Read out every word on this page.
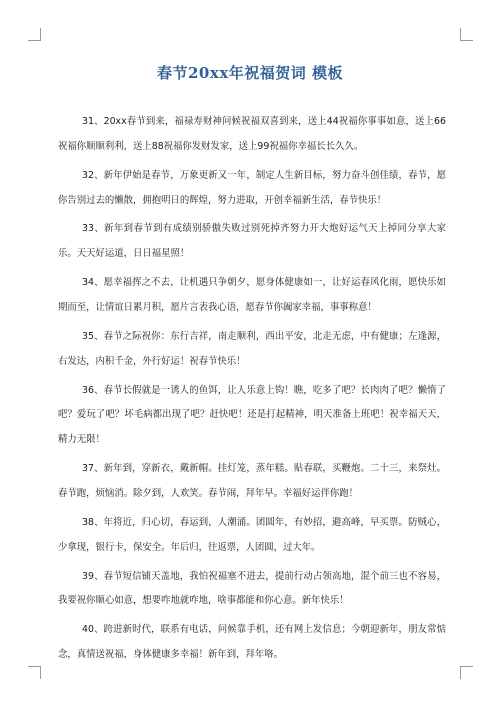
春节20xx年祝福贺词 模板

31、20xx春节到来，福禄寿财神问候祝福双喜到来，送上44祝福你事事如意，送上66祝福你顺顺利利，送上88祝福你发财发家，送上99祝福你幸福长长久久。

32、新年伊始是春节，万象更新又一年，制定人生新目标，努力奋斗创佳绩，春节，愿你告别过去的懒散，拥抱明日的辉煌，努力进取，开创幸福新生活，春节快乐！

33、新年到春节到有成绩别骄傲失败过别死掉齐努力开大炮好运气天上掉同分享大家乐。天天好运道，日日福星照！

34、愿幸福挥之不去，让机遇只争朝夕，愿身体健康如一，让好运春风化雨，愿快乐如期而至，让情谊日累月积，愿片言表我心语，愿春节你阖家幸福，事事称意！

35、春节之际祝你：东行吉祥，南走顺利，西出平安，北走无虑，中有健康；左逢源，右发达，内积千金，外行好运！祝春节快乐！

36、春节长假就是一诱人的鱼饵，让人乐意上钩！瞧，吃多了吧？长肉肉了吧？懒惰了吧？爱玩了吧？坏毛病都出现了吧？赶快吧！还是打起精神，明天准备上班吧！祝幸福天天，精力无限！

37、新年到，穿新衣，戴新帽。挂灯笼，蒸年糕。贴春联，买鞭炮。二十三，来祭灶。春节跑，烦恼消。除夕到，人欢笑。春节闹，拜年早。幸福好运伴你跑！

38、年将近，归心切，春运到，人潮涌。团圆年，有妙招，避高峰，早买票。防贼心，少拿现，银行卡，保安全。年后归，往返票，人团圆，过大年。

39、春节短信铺天盖地，我怕祝福塞不进去，提前行动占领高地，混个前三也不容易，我要祝你顺心如意，想要咋地就咋地，啥事都能和你心意。新年快乐！

40、跨进新时代，联系有电话，问候靠手机，还有网上发信息；今朝迎新年，朋友常惦念，真情送祝福，身体健康多幸福！新年到，拜年咯。
